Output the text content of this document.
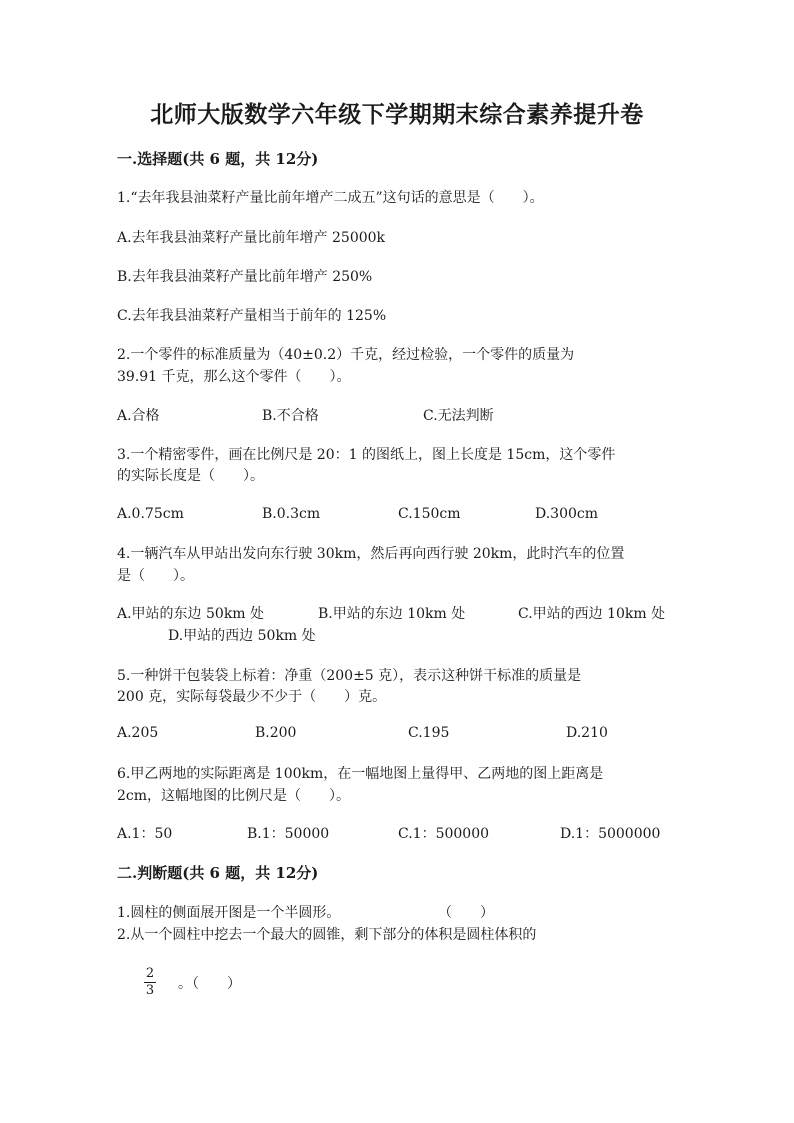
北师大版数学六年级下学期期末综合素养提升卷
一.选择题(共 6 题，共 12分)
1.“去年我县油菜籽产量比前年增产二成五”这句话的意思是（　　）。
A.去年我县油菜籽产量比前年增产 25000k
B.去年我县油菜籽产量比前年增产 250%
C.去年我县油菜籽产量相当于前年的 125%
2.一个零件的标准质量为（40±0.2）千克，经过检验，一个零件的质量为
39.91 千克，那么这个零件（　　）。
A.合格	B.不合格	C.无法判断
3.一个精密零件，画在比例尺是 20：1 的图纸上，图上长度是 15cm，这个零件
的实际长度是（　　）。
A.0.75cm	B.0.3cm	C.150cm	D.300cm
4.一辆汽车从甲站出发向东行驶 30km，然后再向西行驶 20km，此时汽车的位置
是（　　）。
A.甲站的东边 50km 处	B.甲站的东边 10km 处	C.甲站的西边 10km 处
D.甲站的西边 50km 处
5.一种饼干包装袋上标着：净重（200±5 克），表示这种饼干标准的质量是
200 克，实际每袋最少不少于（　　）克。
A.205	B.200	C.195	D.210
6.甲乙两地的实际距离是 100km，在一幅地图上量得甲、乙两地的图上距离是
2cm，这幅地图的比例尺是（　　）。
A.1：50	B.1：50000	C.1：500000	D.1：5000000
二.判断题(共 6 题，共 12分)
1.圆柱的侧面展开图是一个半圆形。	（　　）
2.从一个圆柱中挖去一个最大的圆锥，剩下部分的体积是圆柱体积的
2
3 。（　　）
